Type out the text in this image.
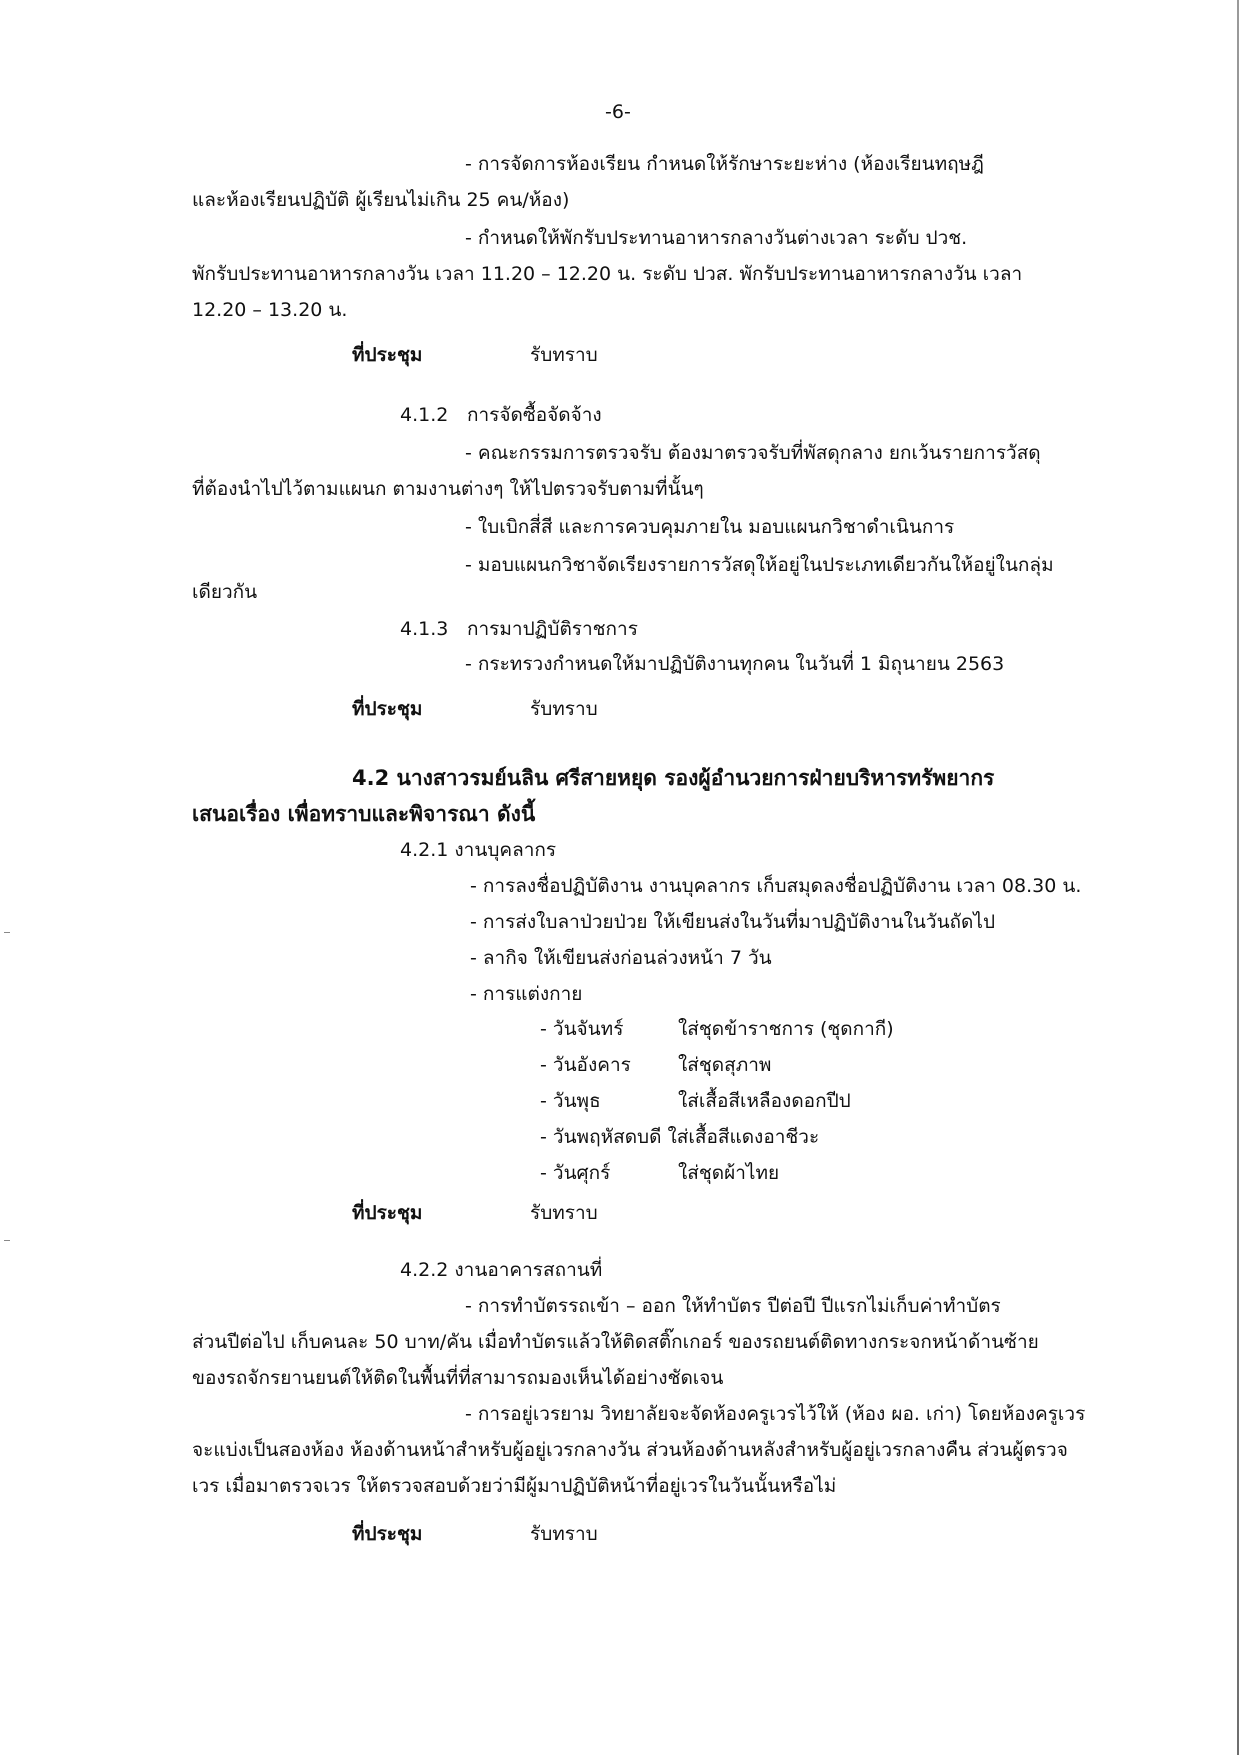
-6-
- การจัดการห้องเรียน กำหนดให้รักษาระยะห่าง (ห้องเรียนทฤษฎี
และห้องเรียนปฏิบัติ ผู้เรียนไม่เกิน 25 คน/ห้อง)
- กำหนดให้พักรับประทานอาหารกลางวันต่างเวลา ระดับ ปวช.
พักรับประทานอาหารกลางวัน เวลา 11.20 – 12.20 น. ระดับ ปวส. พักรับประทานอาหารกลางวัน เวลา
12.20 – 13.20 น.
ที่ประชุม	รับทราบ
4.1.2 การจัดซื้อจัดจ้าง
- คณะกรรมการตรวจรับ ต้องมาตรวจรับที่พัสดุกลาง ยกเว้นรายการวัสดุ
ที่ต้องนำไปไว้ตามแผนก ตามงานต่างๆ ให้ไปตรวจรับตามที่นั้นๆ
- ใบเบิกสี่สี และการควบคุมภายใน มอบแผนกวิชาดำเนินการ
- มอบแผนกวิชาจัดเรียงรายการวัสดุให้อยู่ในประเภทเดียวกันให้อยู่ในกลุ่ม
เดียวกัน
4.1.3 การมาปฏิบัติราชการ
- กระทรวงกำหนดให้มาปฏิบัติงานทุกคน ในวันที่ 1 มิถุนายน 2563
ที่ประชุม	รับทราบ
4.2 นางสาวรมย์นลิน ศรีสายหยุด รองผู้อำนวยการฝ่ายบริหารทรัพยากร
เสนอเรื่อง เพื่อทราบและพิจารณา ดังนี้
4.2.1 งานบุคลากร
- การลงชื่อปฏิบัติงาน งานบุคลากร เก็บสมุดลงชื่อปฏิบัติงาน เวลา 08.30 น.
- การส่งใบลาป่วยป่วย ให้เขียนส่งในวันที่มาปฏิบัติงานในวันถัดไป
- ลากิจ ให้เขียนส่งก่อนล่วงหน้า 7 วัน
- การแต่งกาย
- วันจันทร์	ใส่ชุดข้าราชการ (ชุดกากี)
- วันอังคาร ใส่ชุดสุภาพ
- วันพุธ	ใส่เสื้อสีเหลืองดอกปีป
- วันพฤหัสดบดี ใส่เสื้อสีแดงอาชีวะ
- วันศุกร์	ใส่ชุดผ้าไทย
ที่ประชุม	รับทราบ
4.2.2 งานอาคารสถานที่
- การทำบัตรรถเข้า – ออก ให้ทำบัตร ปีต่อปี ปีแรกไม่เก็บค่าทำบัตร
ส่วนปีต่อไป เก็บคนละ 50 บาท/คัน เมื่อทำบัตรแล้วให้ติดสติ๊กเกอร์ ของรถยนต์ติดทางกระจกหน้าด้านซ้าย
ของรถจักรยานยนต์ให้ติดในพื้นที่ที่สามารถมองเห็นได้อย่างชัดเจน
- การอยู่เวรยาม วิทยาลัยจะจัดห้องครูเวรไว้ให้ (ห้อง ผอ. เก่า) โดยห้องครูเวร
จะแบ่งเป็นสองห้อง ห้องด้านหน้าสำหรับผู้อยู่เวรกลางวัน ส่วนห้องด้านหลังสำหรับผู้อยู่เวรกลางคืน ส่วนผู้ตรวจ
เวร เมื่อมาตรวจเวร ให้ตรวจสอบด้วยว่ามีผู้มาปฏิบัติหน้าที่อยู่เวรในวันนั้นหรือไม่
ที่ประชุม	รับทราบ
